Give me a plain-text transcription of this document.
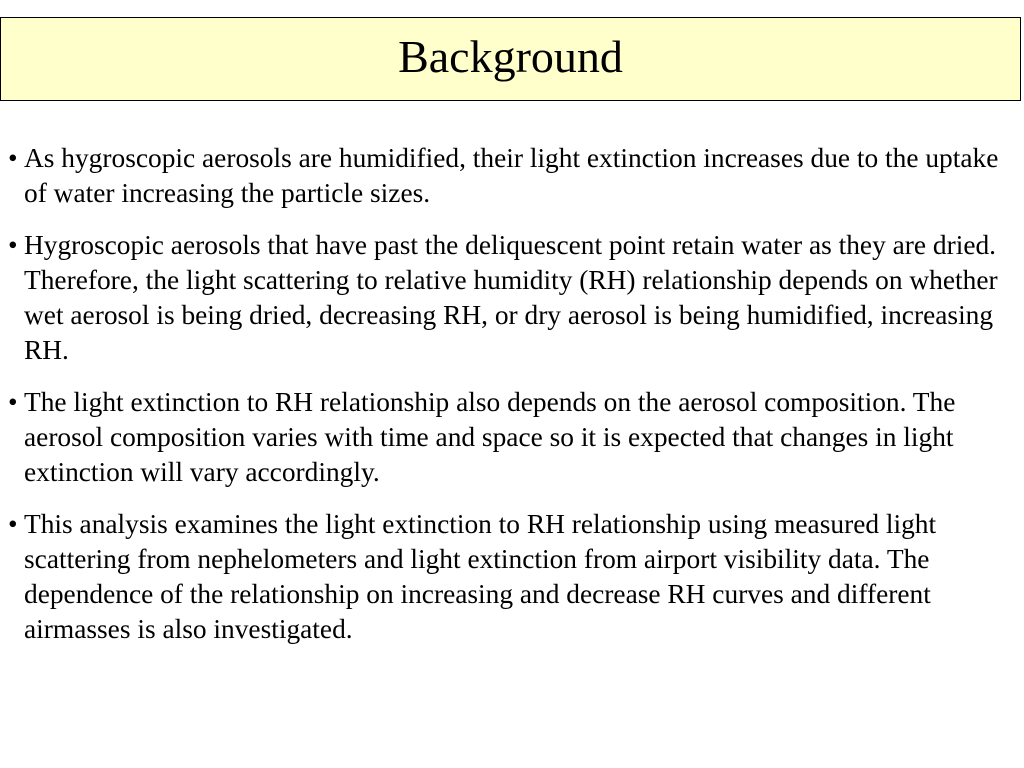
Background
• As hygroscopic aerosols are humidified, their light extinction increases due to the uptake of water increasing the particle sizes.
• Hygroscopic aerosols that have past the deliquescent point retain water as they are dried. Therefore, the light scattering to relative humidity (RH) relationship depends on whether wet aerosol is being dried, decreasing RH, or dry aerosol is being humidified, increasing RH.
• The light extinction to RH relationship also depends on the aerosol composition. The aerosol composition varies with time and space so it is expected that changes in light extinction will vary accordingly.
• This analysis examines the light extinction to RH relationship using measured light scattering from nephelometers and light extinction from airport visibility data. The dependence of the relationship on increasing and decrease RH curves and different airmasses is also investigated.
